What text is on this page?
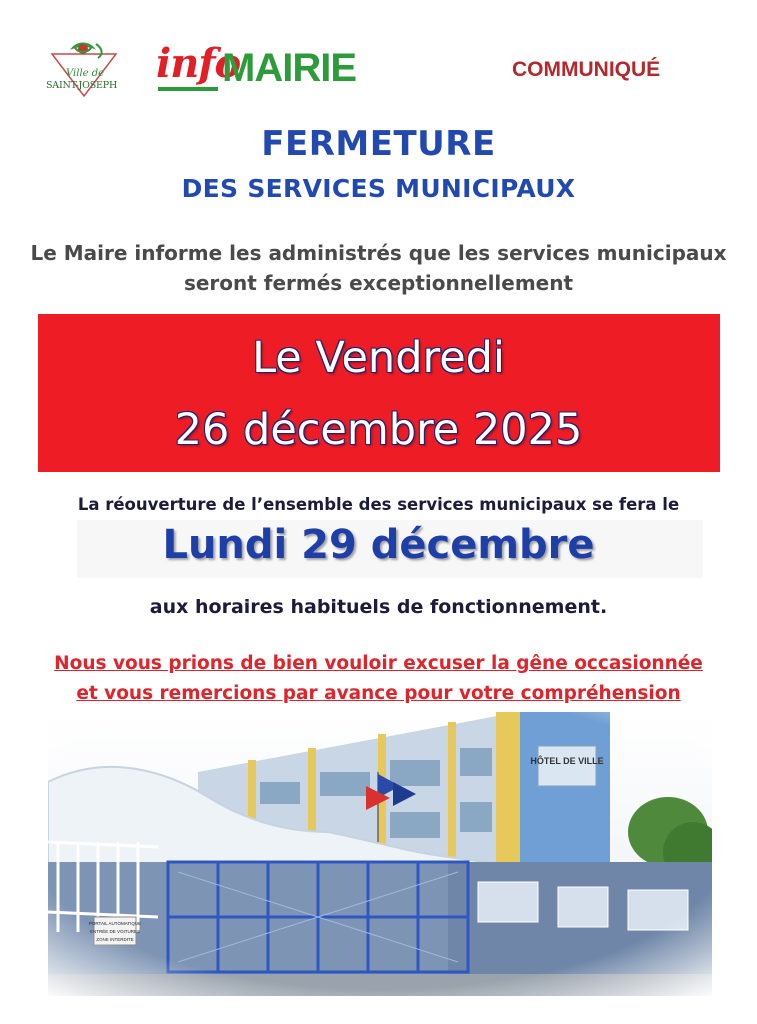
Ville de
SAINT-JOSEPH info
MAIRIE	COMMUNIQUÉ
FERMETURE
DES SERVICES MUNICIPAUX
Le Maire informe les administrés que les services municipaux
seront fermés exceptionnellement
Le Vendredi
26 décembre 2025
La réouverture de l’ensemble des services municipaux se fera le
Lundi 29 décembre
aux horaires habituels de fonctionnement.
Nous vous prions de bien vouloir excuser la gêne occasionnée
et vous remercions par avance pour votre compréhension
